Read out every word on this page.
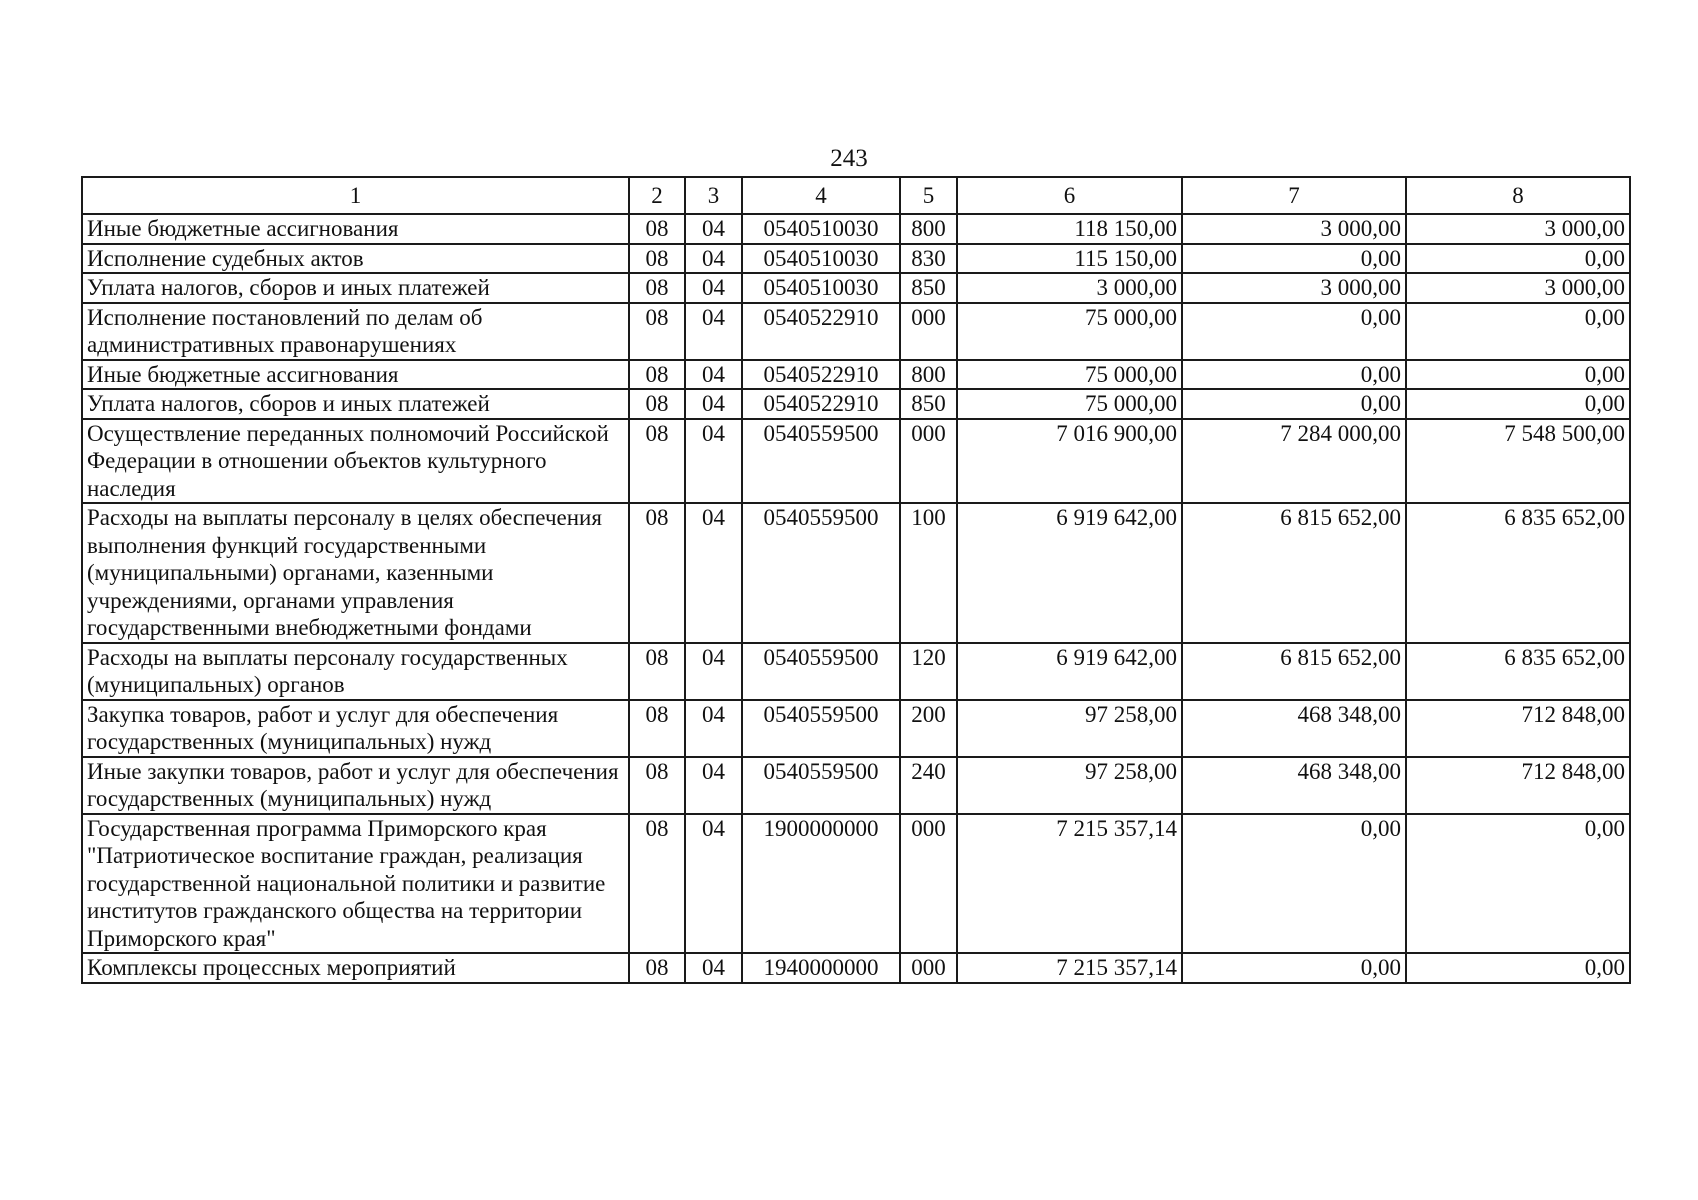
243
1	2	3	4	5	6	7	8
Иные бюджетные ассигнования	08	04	0540510030	800	118 150,00	3 000,00	3 000,00
Исполнение судебных актов	08	04	0540510030	830	115 150,00	0,00	0,00
Уплата налогов, сборов и иных платежей	08	04	0540510030	850	3 000,00	3 000,00	3 000,00
Исполнение постановлений по делам об административных правонарушениях	08	04	0540522910	000	75 000,00	0,00	0,00
Иные бюджетные ассигнования	08	04	0540522910	800	75 000,00	0,00	0,00
Уплата налогов, сборов и иных платежей	08	04	0540522910	850	75 000,00	0,00	0,00
Осуществление переданных полномочий Российской Федерации в отношении объектов культурного наследия	08	04	0540559500	000	7 016 900,00	7 284 000,00	7 548 500,00
Расходы на выплаты персоналу в целях обеспечения выполнения функций государственными (муниципальными) органами, казенными учреждениями, органами управления государственными внебюджетными фондами	08	04	0540559500	100	6 919 642,00	6 815 652,00	6 835 652,00
Расходы на выплаты персоналу государственных (муниципальных) органов	08	04	0540559500	120	6 919 642,00	6 815 652,00	6 835 652,00
Закупка товаров, работ и услуг для обеспечения государственных (муниципальных) нужд	08	04	0540559500	200	97 258,00	468 348,00	712 848,00
Иные закупки товаров, работ и услуг для обеспечения государственных (муниципальных) нужд	08	04	0540559500	240	97 258,00	468 348,00	712 848,00
Государственная программа Приморского края "Патриотическое воспитание граждан, реализация государственной национальной политики и развитие институтов гражданского общества на территории Приморского края"	08	04	1900000000	000	7 215 357,14	0,00	0,00
Комплексы процессных мероприятий	08	04	1940000000	000	7 215 357,14	0,00	0,00
